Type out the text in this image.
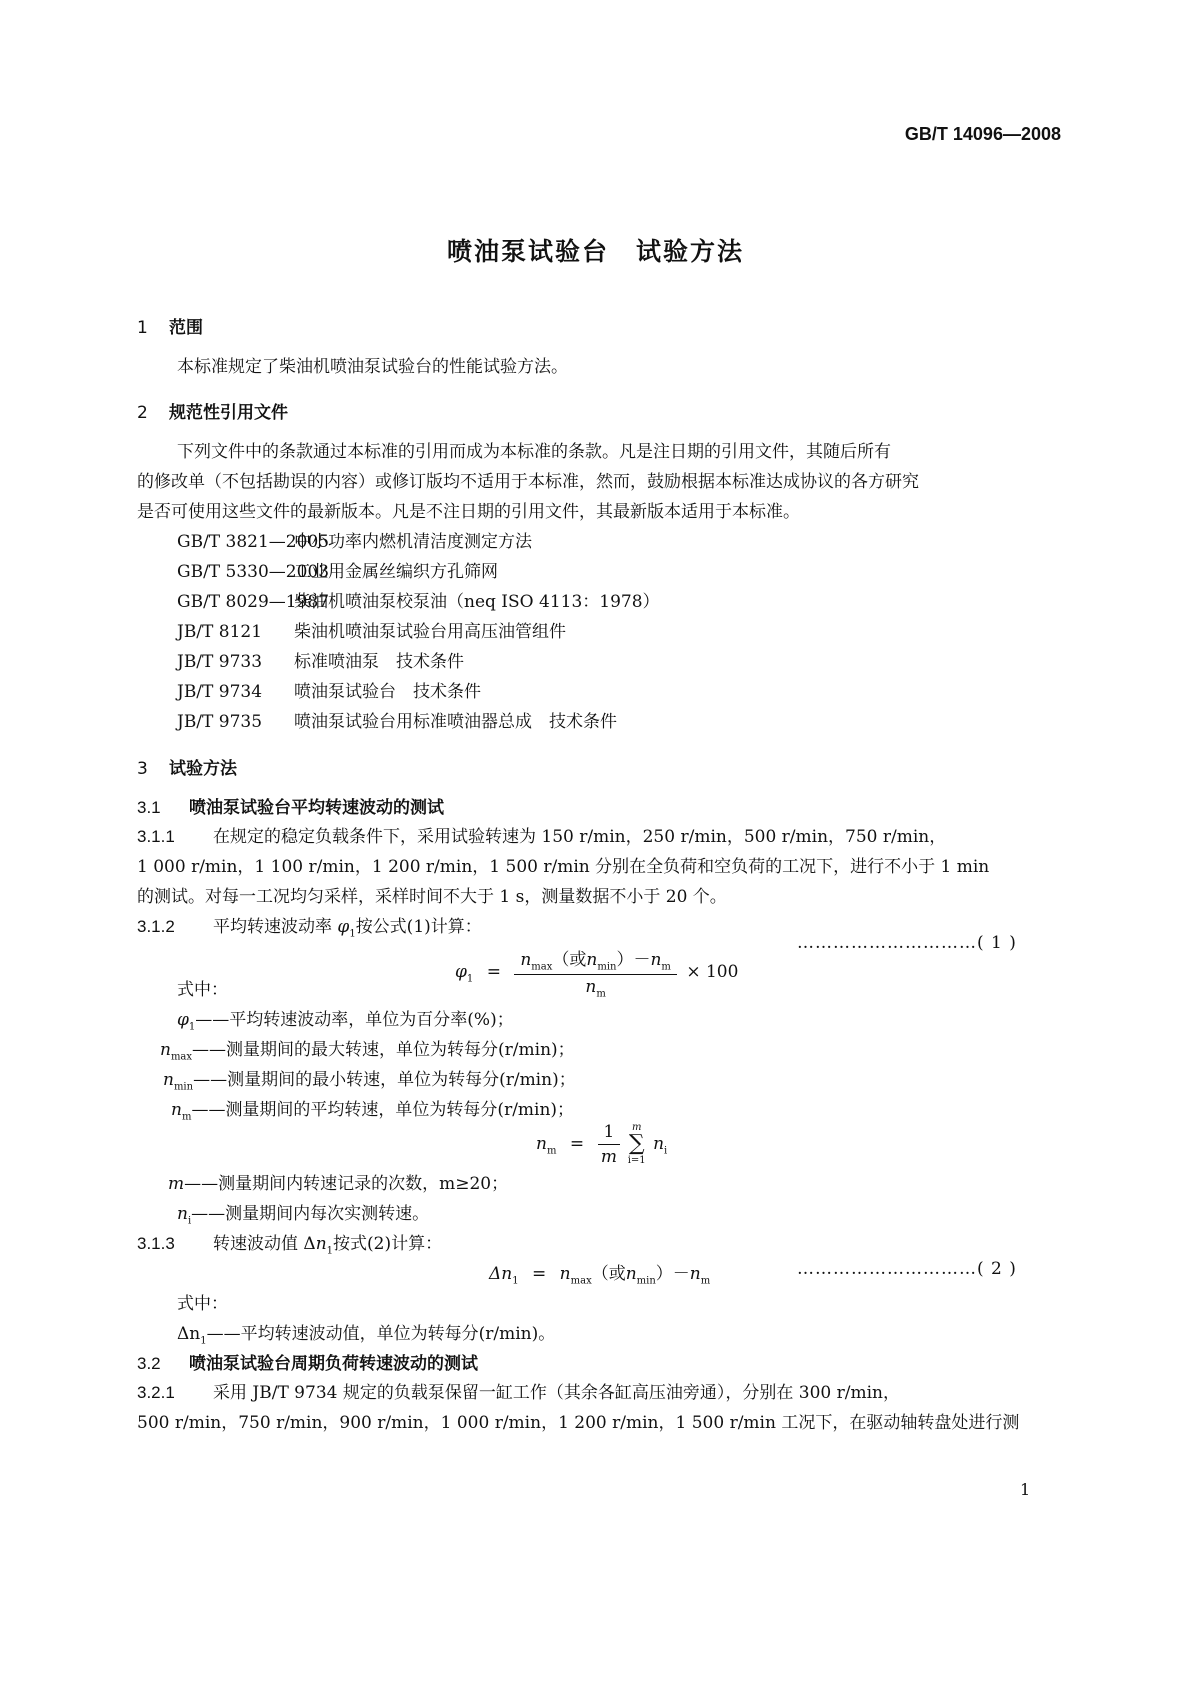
GB/T 14096—2008
喷油泵试验台　试验方法
1 范围
本标准规定了柴油机喷油泵试验台的性能试验方法。
2 规范性引用文件
下列文件中的条款通过本标准的引用而成为本标准的条款。凡是注日期的引用文件，其随后所有
的修改单（不包括勘误的内容）或修订版均不适用于本标准，然而，鼓励根据本标准达成协议的各方研究
是否可使用这些文件的最新版本。凡是不注日期的引用文件，其最新版本适用于本标准。
GB/T 3821—2005中小功率内燃机清洁度测定方法
GB/T 5330—2003工业用金属丝编织方孔筛网
GB/T 8029—1987柴油机喷油泵校泵油（neq ISO 4113：1978）
JB/T 8121 柴油机喷油泵试验台用高压油管组件
JB/T 9733 标准喷油泵　技术条件
JB/T 9734 喷油泵试验台　技术条件
JB/T 9735 喷油泵试验台用标准喷油器总成　技术条件
3 试验方法
3.1 喷油泵试验台平均转速波动的测试
3.1.1 在规定的稳定负载条件下，采用试验转速为 150 r/min，250 r/min，500 r/min，750 r/min，
1 000 r/min，1 100 r/min，1 200 r/min，1 500 r/min 分别在全负荷和空负荷的工况下，进行不小于 1 min
的测试。对每一工况均匀采样，采样时间不大于 1 s，测量数据不小于 20 个。
3.1.2 平均转速波动率 $\varphi_1$按公式(1)计算：
$\varphi_1 = \frac{n_{max}(或n_{min})-n_m}{n_m} \times 100$
…………………………( 1 )
式中：
$\varphi_1——$平均转速波动率，单位为百分率(%)；
$n_{max}——$测量期间的最大转速，单位为转每分(r/min)；
$n_{min}——$测量期间的最小转速，单位为转每分(r/min)；
$n_m——$测量期间的平均转速，单位为转每分(r/min)；
$n_m = \frac{1}{m}$
	m
∑
i=1
$n_i$
m——测量期间内转速记录的次数，m≥20；
$n_i——$测量期间内每次实测转速。
3.1.3 转速波动值 $\Delta n_1$按式(2)计算：
$\Delta n_1 = n_{max}$（或$n_{min})-n_m$
…………………………( 2 )
式中：
$\Delta n_1——$平均转速波动值，单位为转每分(r/min)。
3.2 喷油泵试验台周期负荷转速波动的测试
3.2.1 采用 JB/T 9734 规定的负载泵保留一缸工作（其余各缸高压油旁通），分别在 300 r/min，
500 r/min，750 r/min，900 r/min，1 000 r/min，1 200 r/min，1 500 r/min 工况下，在驱动轴转盘处进行测
1
